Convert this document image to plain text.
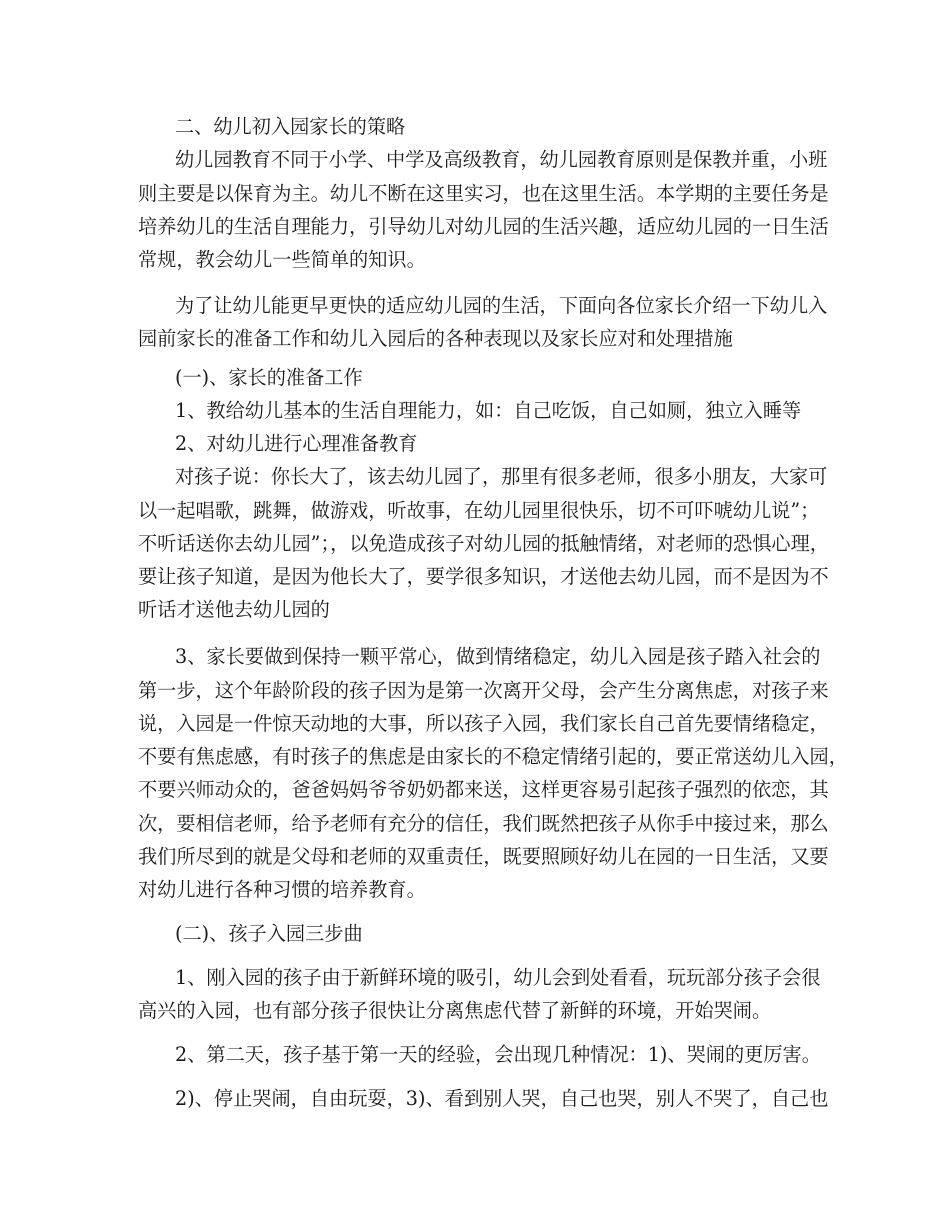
二、幼儿初入园家长的策略
幼儿园教育不同于小学、中学及高级教育，幼儿园教育原则是保教并重，小班
则主要是以保育为主。幼儿不断在这里实习，也在这里生活。本学期的主要任务是
培养幼儿的生活自理能力，引导幼儿对幼儿园的生活兴趣，适应幼儿园的一日生活
常规，教会幼儿一些简单的知识。
为了让幼儿能更早更快的适应幼儿园的生活，下面向各位家长介绍一下幼儿入
园前家长的准备工作和幼儿入园后的各种表现以及家长应对和处理措施
(一)、家长的准备工作
1、教给幼儿基本的生活自理能力，如：自己吃饭，自己如厕，独立入睡等
2、对幼儿进行心理准备教育
对孩子说：你长大了，该去幼儿园了，那里有很多老师，很多小朋友，大家可
以一起唱歌，跳舞，做游戏，听故事，在幼儿园里很快乐，切不可吓唬幼儿说”；
不听话送你去幼儿园”；，以免造成孩子对幼儿园的抵触情绪，对老师的恐惧心理，
要让孩子知道，是因为他长大了，要学很多知识，才送他去幼儿园，而不是因为不
听话才送他去幼儿园的
3、家长要做到保持一颗平常心，做到情绪稳定，幼儿入园是孩子踏入社会的
第一步，这个年龄阶段的孩子因为是第一次离开父母，会产生分离焦虑，对孩子来
说，入园是一件惊天动地的大事，所以孩子入园，我们家长自己首先要情绪稳定，
不要有焦虑感，有时孩子的焦虑是由家长的不稳定情绪引起的，要正常送幼儿入园，
不要兴师动众的，爸爸妈妈爷爷奶奶都来送，这样更容易引起孩子强烈的依恋，其
次，要相信老师，给予老师有充分的信任，我们既然把孩子从你手中接过来，那么
我们所尽到的就是父母和老师的双重责任，既要照顾好幼儿在园的一日生活，又要
对幼儿进行各种习惯的培养教育。
(二)、孩子入园三步曲
1、刚入园的孩子由于新鲜环境的吸引，幼儿会到处看看，玩玩部分孩子会很
高兴的入园，也有部分孩子很快让分离焦虑代替了新鲜的环境，开始哭闹。
2、第二天，孩子基于第一天的经验，会出现几种情况：1)、哭闹的更厉害。
2)、停止哭闹，自由玩耍，3)、看到别人哭，自己也哭，别人不哭了，自己也
